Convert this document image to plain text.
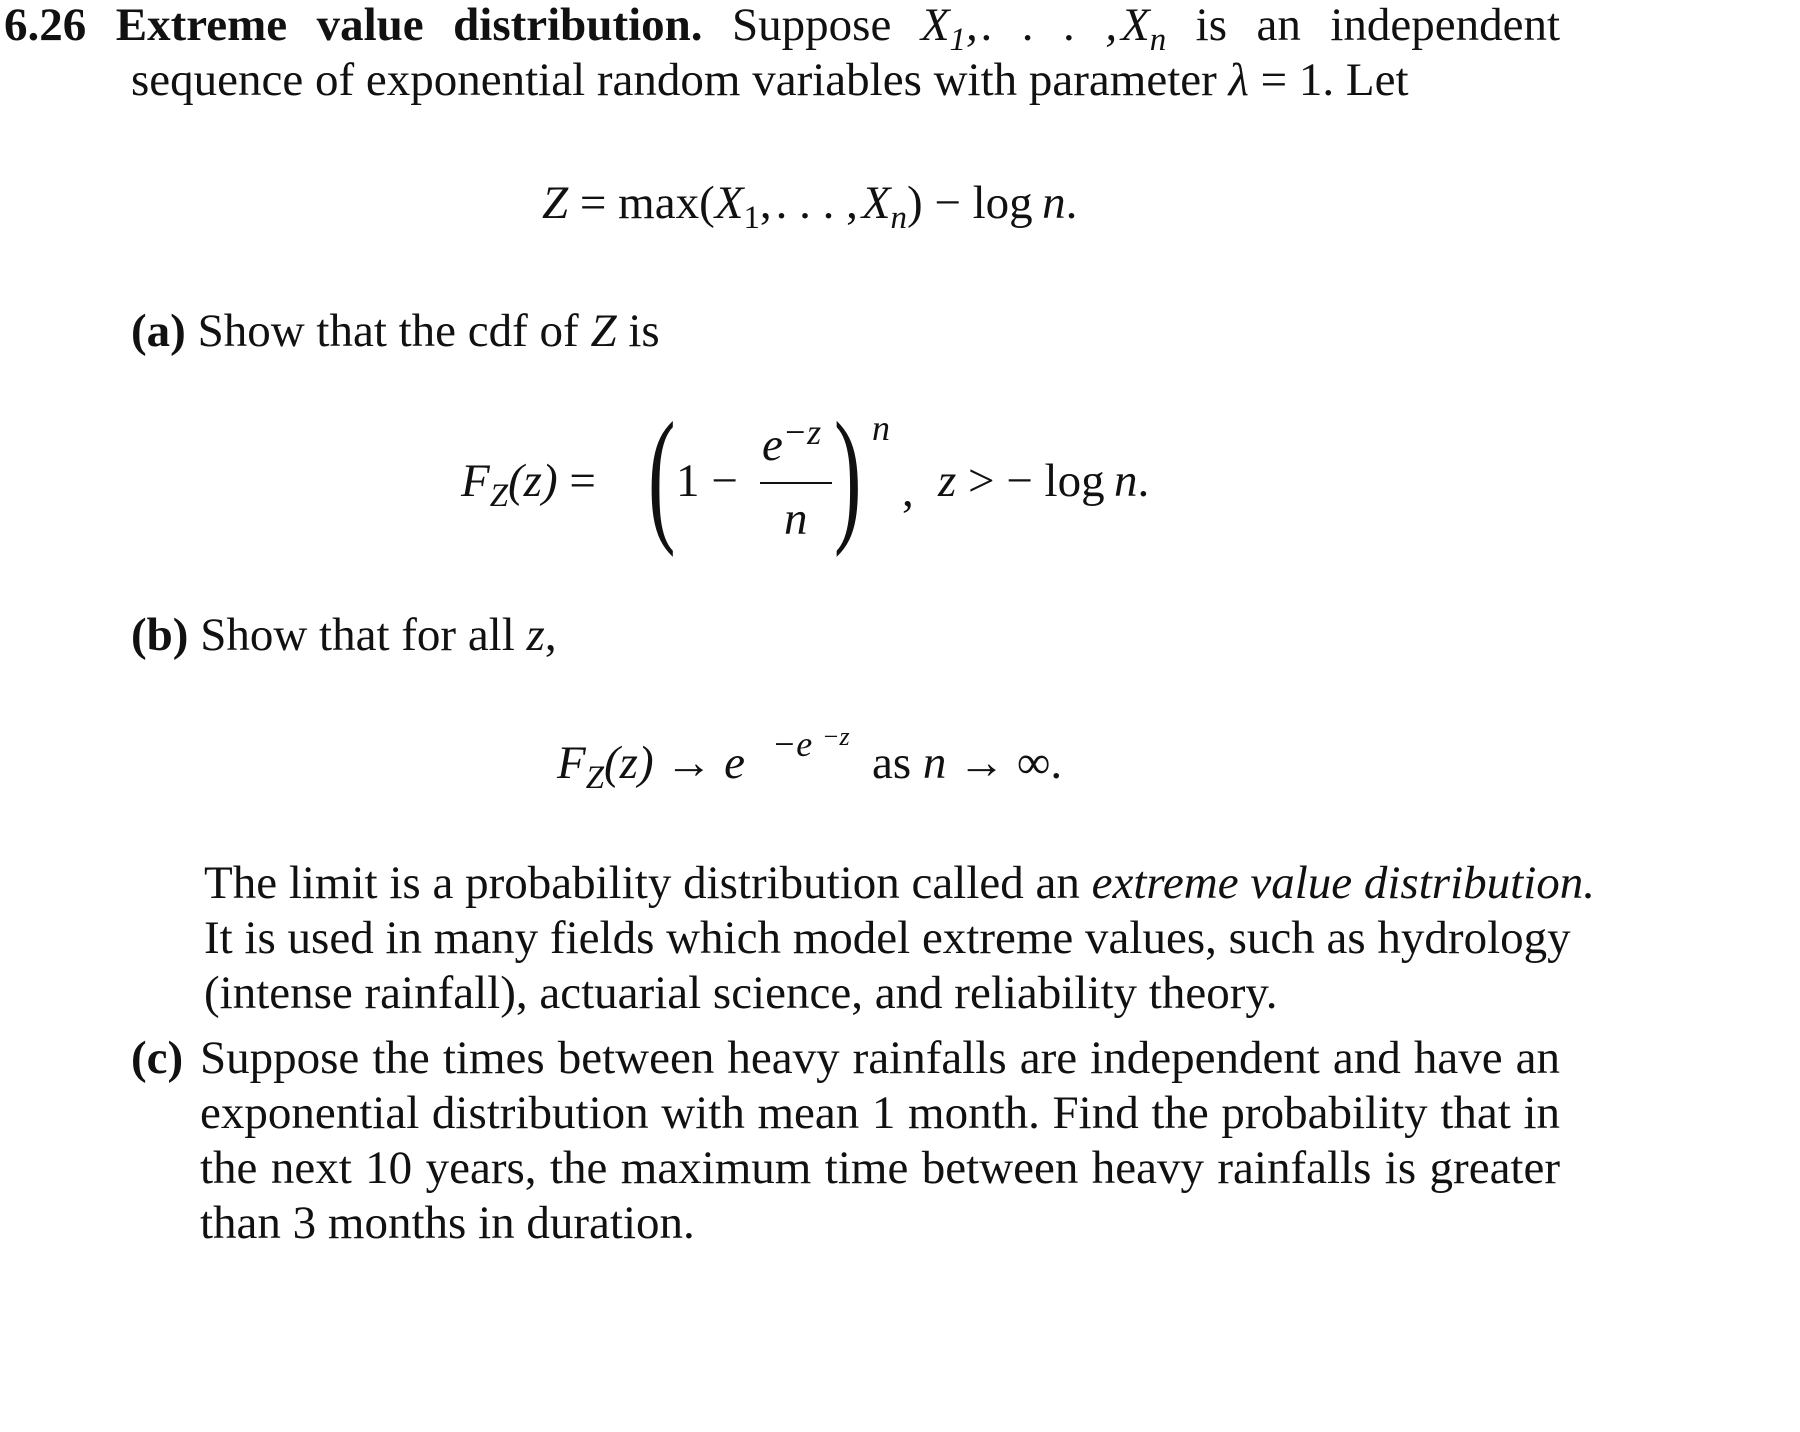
6.26 Extreme value distribution. Suppose $X_1$, . . . , $X_n$ is an independent
sequence of exponential random variables with parameter λ = 1. Let
$Z = \max(X_1$, . . . , $X_n) - \log n$.
(a) Show that the cdf of Z is
$F_Z(z)$ = ( 1 −
$e^{-z}$
n ) n
, z > − log  n.
(b) Show that for all z,
$F_Z(z) \to e -e -z$
as n → ∞.
The limit is a probability distribution called an extreme value distribution.
It is used in many fields which model extreme values, such as hydrology
(intense rainfall), actuarial science, and reliability theory.
(c) Suppose the times between heavy rainfalls are independent and have an
exponential distribution with mean 1 month. Find the probability that in
the next 10 years, the maximum time between heavy rainfalls is greater
than 3 months in duration.
